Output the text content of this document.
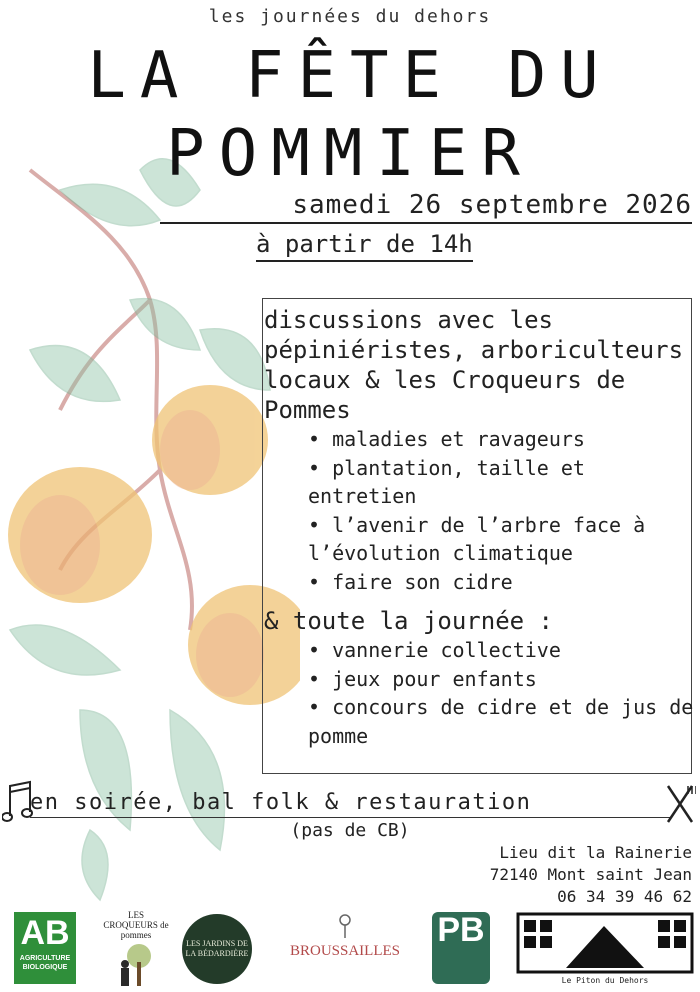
les journées du dehors
LA FÊTE DU
POMMIER
samedi 26 septembre 2026
à partir de 14h
discussions avec les pépiniéristes, arboriculteurs locaux & les Croqueurs de Pommes
• maladies et ravageurs
• plantation, taille et entretien
• l’avenir de l’arbre face à l’évolution climatique
• faire son cidre
& toute la journée :
• vannerie collective
• jeux pour enfants
• concours de cidre et de jus de pomme
en soirée, bal folk & restauration
(pas de CB)
Lieu dit la Rainerie
72140 Mont saint Jean
06 34 39 46 62
AB
AGRICULTURE
BIOLOGIQUE
LES CROQUEURS de pommes
LES JARDINS DE LA BÉDARDIÈRE	BROUSSAILLES
PB
Le Piton du Dehors
